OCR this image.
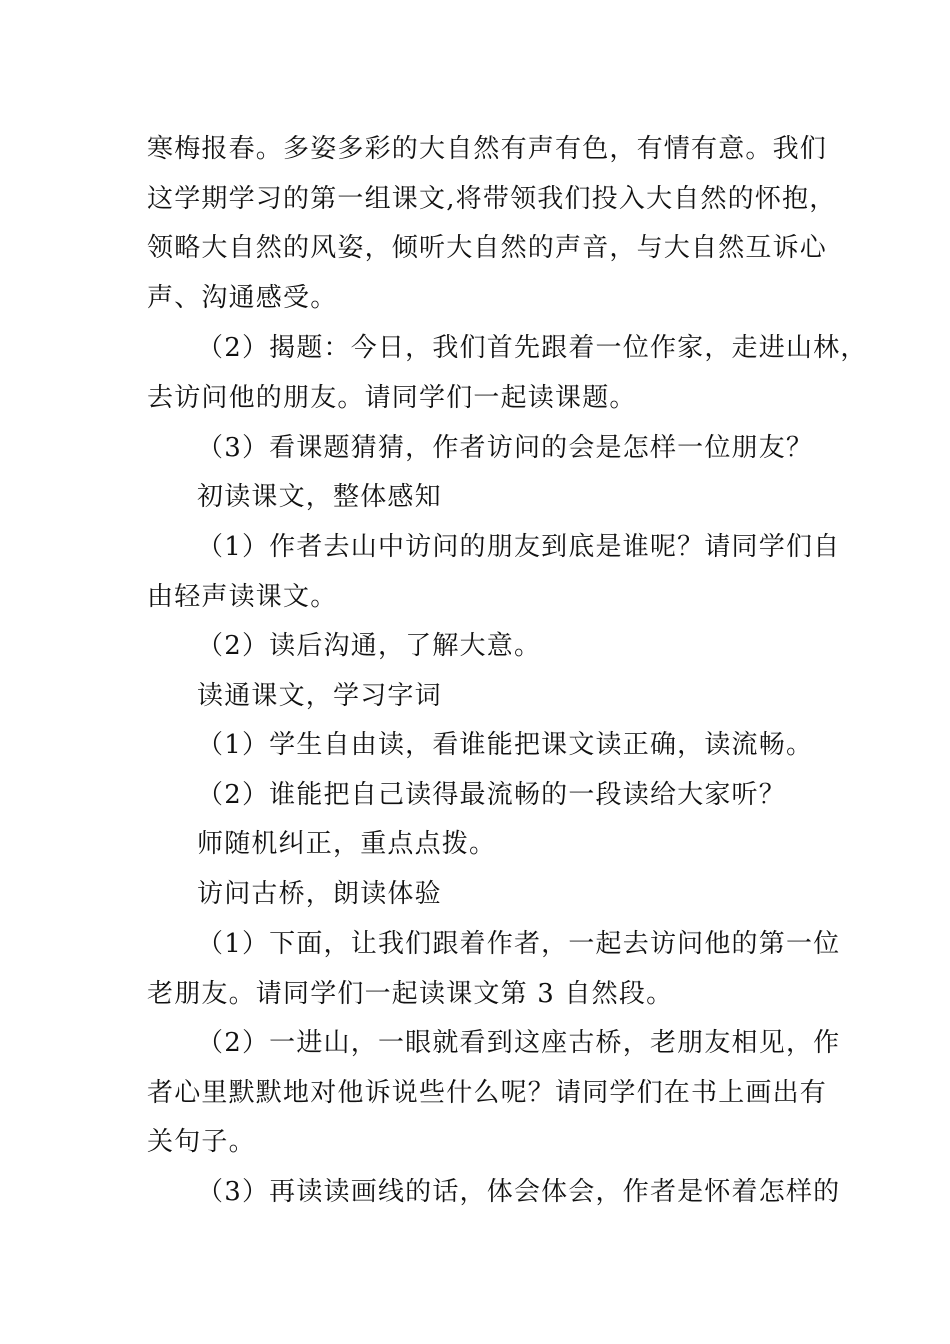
寒梅报春。多姿多彩的大自然有声有色，有情有意。我们
这学期学习的第一组课文,将带领我们投入大自然的怀抱，
领略大自然的风姿，倾听大自然的声音，与大自然互诉心
声、沟通感受。
（2）揭题：今日，我们首先跟着一位作家，走进山林，
去访问他的朋友。请同学们一起读课题。
（3）看课题猜猜，作者访问的会是怎样一位朋友？
初读课文，整体感知
（1）作者去山中访问的朋友到底是谁呢？请同学们自
由轻声读课文。
（2）读后沟通，了解大意。
读通课文，学习字词
（1）学生自由读，看谁能把课文读正确，读流畅。
（2）谁能把自己读得最流畅的一段读给大家听？
师随机纠正，重点点拨。
访问古桥，朗读体验
（1）下面，让我们跟着作者，一起去访问他的第一位
老朋友。请同学们一起读课文第 3 自然段。
（2）一进山，一眼就看到这座古桥，老朋友相见，作
者心里默默地对他诉说些什么呢？请同学们在书上画出有
关句子。
（3）再读读画线的话，体会体会，作者是怀着怎样的
